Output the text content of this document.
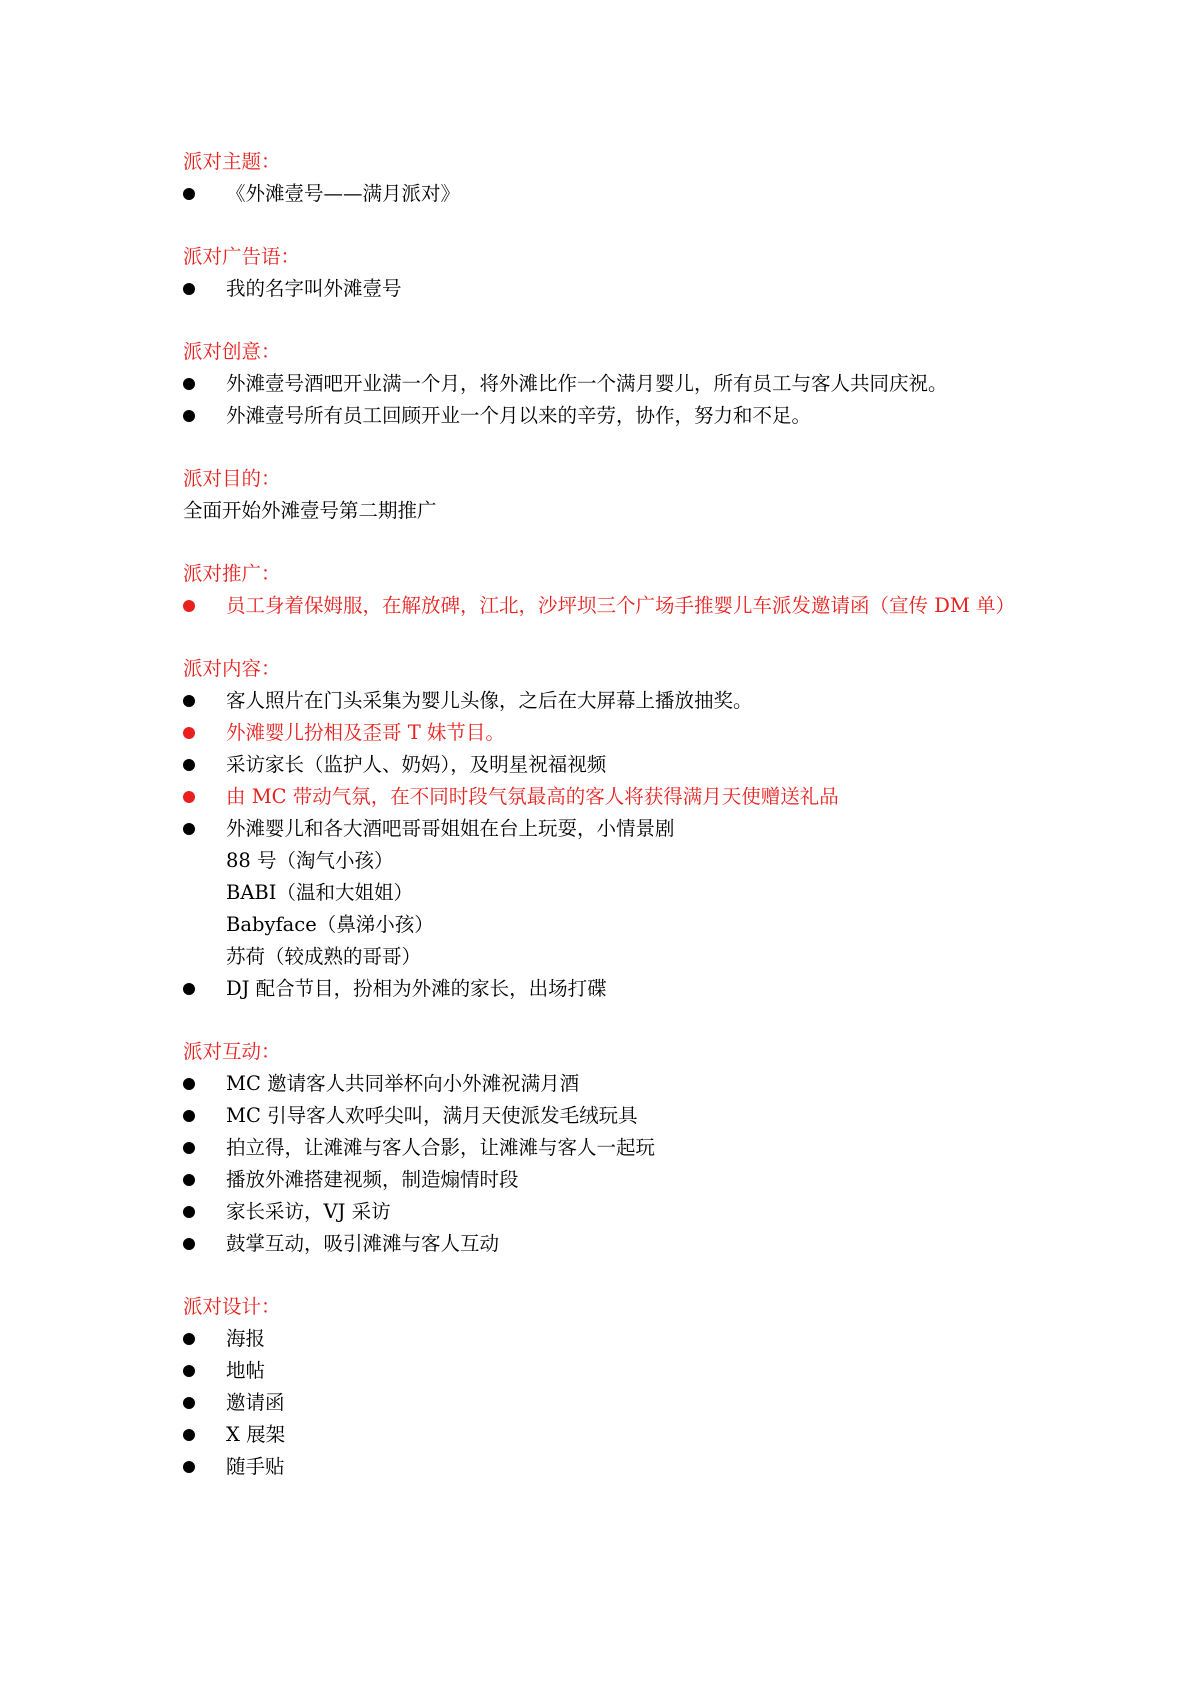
派对主题：
《外滩壹号——满月派对》
派对广告语：
我的名字叫外滩壹号
派对创意：
外滩壹号酒吧开业满一个月，将外滩比作一个满月婴儿，所有员工与客人共同庆祝。
外滩壹号所有员工回顾开业一个月以来的辛劳，协作，努力和不足。
派对目的：
全面开始外滩壹号第二期推广
派对推广：
员工身着保姆服，在解放碑，江北，沙坪坝三个广场手推婴儿车派发邀请函（宣传 DM 单）
派对内容：
客人照片在门头采集为婴儿头像，之后在大屏幕上播放抽奖。
外滩婴儿扮相及歪哥 T 妹节目。
采访家长（监护人、奶妈），及明星祝福视频
由 MC 带动气氛，在不同时段气氛最高的客人将获得满月天使赠送礼品
外滩婴儿和各大酒吧哥哥姐姐在台上玩耍，小情景剧
88 号（淘气小孩）
BABI（温和大姐姐）
Babyface（鼻涕小孩）
苏荷（较成熟的哥哥）
DJ 配合节目，扮相为外滩的家长，出场打碟
派对互动：
MC 邀请客人共同举杯向小外滩祝满月酒
MC 引导客人欢呼尖叫，满月天使派发毛绒玩具
拍立得，让滩滩与客人合影，让滩滩与客人一起玩
播放外滩搭建视频，制造煽情时段
家长采访，VJ 采访
鼓掌互动，吸引滩滩与客人互动
派对设计：
海报
地帖
邀请函
X 展架
随手贴
